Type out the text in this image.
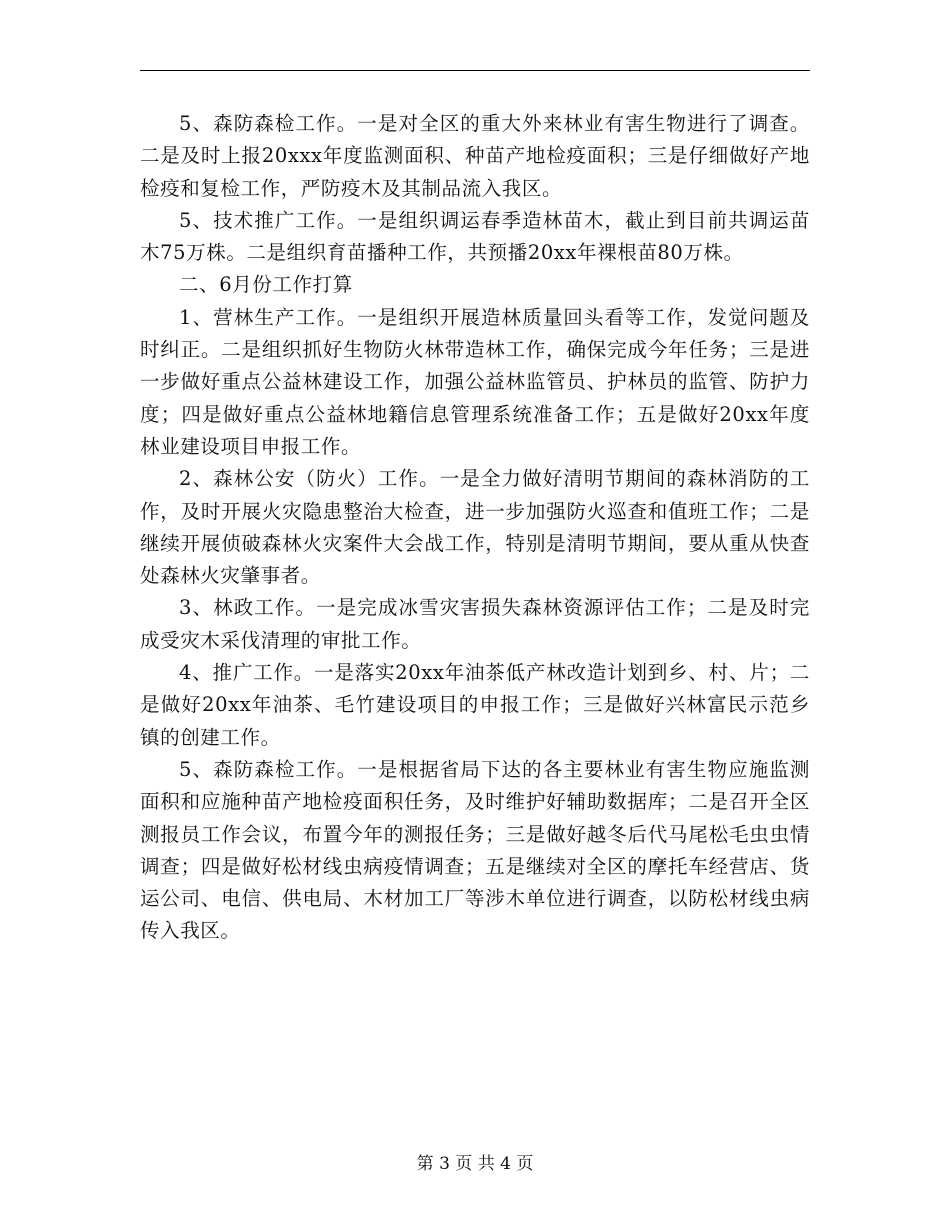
5、森防森检工作。一是对全区的重大外来林业有害生物进行了调查。二是及时上报20xxx年度监测面积、种苗产地检疫面积；三是仔细做好产地检疫和复检工作，严防疫木及其制品流入我区。

5、技术推广工作。一是组织调运春季造林苗木，截止到目前共调运苗木75万株。二是组织育苗播种工作，共预播20xx年裸根苗80万株。

二、6月份工作打算

1、营林生产工作。一是组织开展造林质量回头看等工作，发觉问题及时纠正。二是组织抓好生物防火林带造林工作，确保完成今年任务；三是进一步做好重点公益林建设工作，加强公益林监管员、护林员的监管、防护力度；四是做好重点公益林地籍信息管理系统准备工作；五是做好20xx年度林业建设项目申报工作。

2、森林公安（防火）工作。一是全力做好清明节期间的森林消防的工作，及时开展火灾隐患整治大检查，进一步加强防火巡查和值班工作；二是继续开展侦破森林火灾案件大会战工作，特别是清明节期间，要从重从快查处森林火灾肇事者。

3、林政工作。一是完成冰雪灾害损失森林资源评估工作；二是及时完成受灾木采伐清理的审批工作。

4、推广工作。一是落实20xx年油茶低产林改造计划到乡、村、片；二是做好20xx年油茶、毛竹建设项目的申报工作；三是做好兴林富民示范乡镇的创建工作。

5、森防森检工作。一是根据省局下达的各主要林业有害生物应施监测面积和应施种苗产地检疫面积任务，及时维护好辅助数据库；二是召开全区测报员工作会议，布置今年的测报任务；三是做好越冬后代马尾松毛虫虫情调查；四是做好松材线虫病疫情调查；五是继续对全区的摩托车经营店、货运公司、电信、供电局、木材加工厂等涉木单位进行调查，以防松材线虫病传入我区。

第 3 页 共 4 页
